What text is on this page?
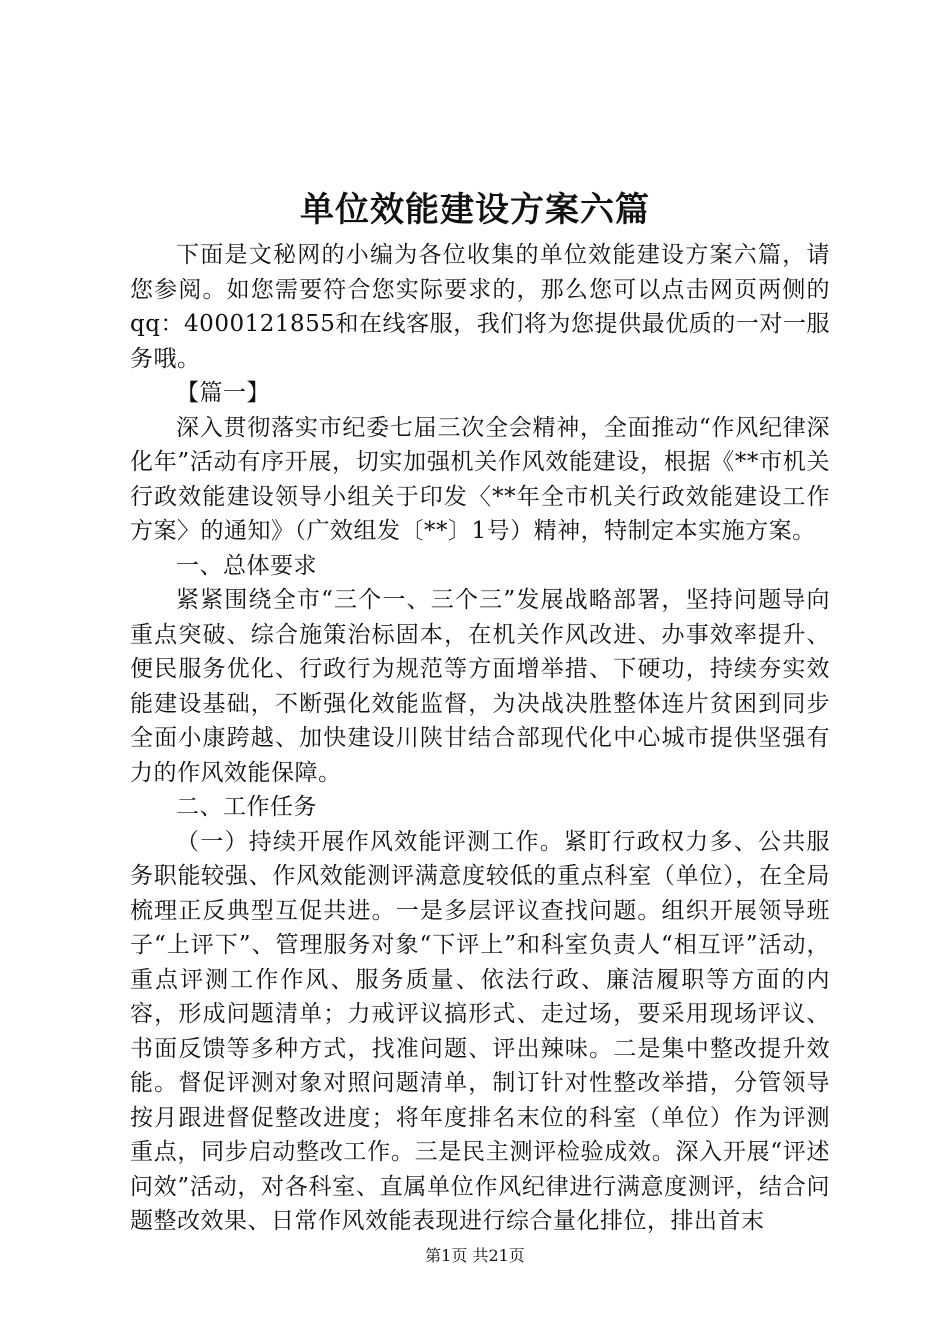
单位效能建设方案六篇

下面是文秘网的小编为各位收集的单位效能建设方案六篇，请您参阅。如您需要符合您实际要求的，那么您可以点击网页两侧的qq：4000121855和在线客服，我们将为您提供最优质的一对一服务哦。

【篇一】

深入贯彻落实市纪委七届三次全会精神，全面推动“作风纪律深化年”活动有序开展，切实加强机关作风效能建设，根据《**市机关行政效能建设领导小组关于印发〈**年全市机关行政效能建设工作方案〉的通知》（广效组发〔**〕1号）精神，特制定本实施方案。

一、总体要求

紧紧围绕全市“三个一、三个三”发展战略部署，坚持问题导向重点突破、综合施策治标固本，在机关作风改进、办事效率提升、便民服务优化、行政行为规范等方面增举措、下硬功，持续夯实效能建设基础，不断强化效能监督，为决战决胜整体连片贫困到同步全面小康跨越、加快建设川陕甘结合部现代化中心城市提供坚强有力的作风效能保障。

二、工作任务

（一）持续开展作风效能评测工作。紧盯行政权力多、公共服务职能较强、作风效能测评满意度较低的重点科室（单位），在全局梳理正反典型互促共进。一是多层评议查找问题。组织开展领导班子“上评下”、管理服务对象“下评上”和科室负责人“相互评”活动，重点评测工作作风、服务质量、依法行政、廉洁履职等方面的内容，形成问题清单；力戒评议搞形式、走过场，要采用现场评议、书面反馈等多种方式，找准问题、评出辣味。二是集中整改提升效能。督促评测对象对照问题清单，制订针对性整改举措，分管领导按月跟进督促整改进度；将年度排名末位的科室（单位）作为评测重点，同步启动整改工作。三是民主测评检验成效。深入开展“评述问效”活动，对各科室、直属单位作风纪律进行满意度测评，结合问题整改效果、日常作风效能表现进行综合量化排位，排出首末

第1页 共21页
